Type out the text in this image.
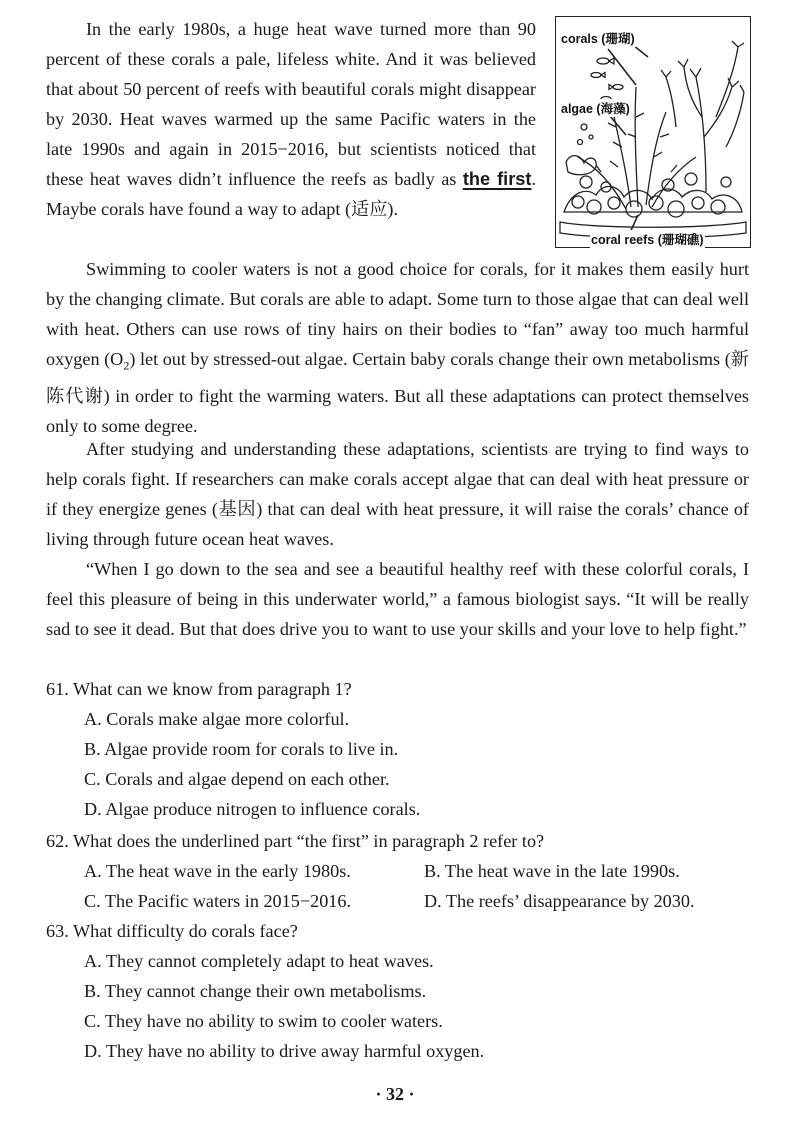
In the early 1980s, a huge heat wave turned more than 90 percent of these corals a pale, lifeless white. And it was believed that about 50 percent of reefs with beautiful corals might disappear by 2030. Heat waves warmed up the same Pacific waters in the late 1990s and again in 2015−2016, but scientists noticed that these heat waves didn’t influence the reefs as badly as the first. Maybe corals have found a way to adapt (适应).
corals (珊瑚)
algae (海藻)
coral reefs (珊瑚礁)
Swimming to cooler waters is not a good choice for corals, for it makes them easily hurt by the changing climate. But corals are able to adapt. Some turn to those algae that can deal well with heat. Others can use rows of tiny hairs on their bodies to “fan” away too much harmful oxygen $(O_2)$ let out by stressed-out algae. Certain baby corals change their own metabolisms (新陈代谢) in order to fight the warming waters. But all these adaptations can protect themselves only to some degree.
After studying and understanding these adaptations, scientists are trying to find ways to help corals fight. If researchers can make corals accept algae that can deal with heat pressure or if they energize genes (基因) that can deal with heat pressure, it will raise the corals’ chance of living through future ocean heat waves.
“When I go down to the sea and see a beautiful healthy reef with these colorful corals, I feel this pleasure of being in this underwater world,” a famous biologist says. “It will be really sad to see it dead. But that does drive you to want to use your skills and your love to help fight.”
61. What can we know from paragraph 1?
A. Corals make algae more colorful.
B. Algae provide room for corals to live in.
C. Corals and algae depend on each other.
D. Algae produce nitrogen to influence corals.
62. What does the underlined part “the first” in paragraph 2 refer to?
A. The heat wave in the early 1980s.	B. The heat wave in the late 1990s.
C. The Pacific waters in 2015−2016.	D. The reefs’ disappearance by 2030.
63. What difficulty do corals face?
A. They cannot completely adapt to heat waves.
B. They cannot change their own metabolisms.
C. They have no ability to swim to cooler waters.
D. They have no ability to drive away harmful oxygen.
· 32 ·
